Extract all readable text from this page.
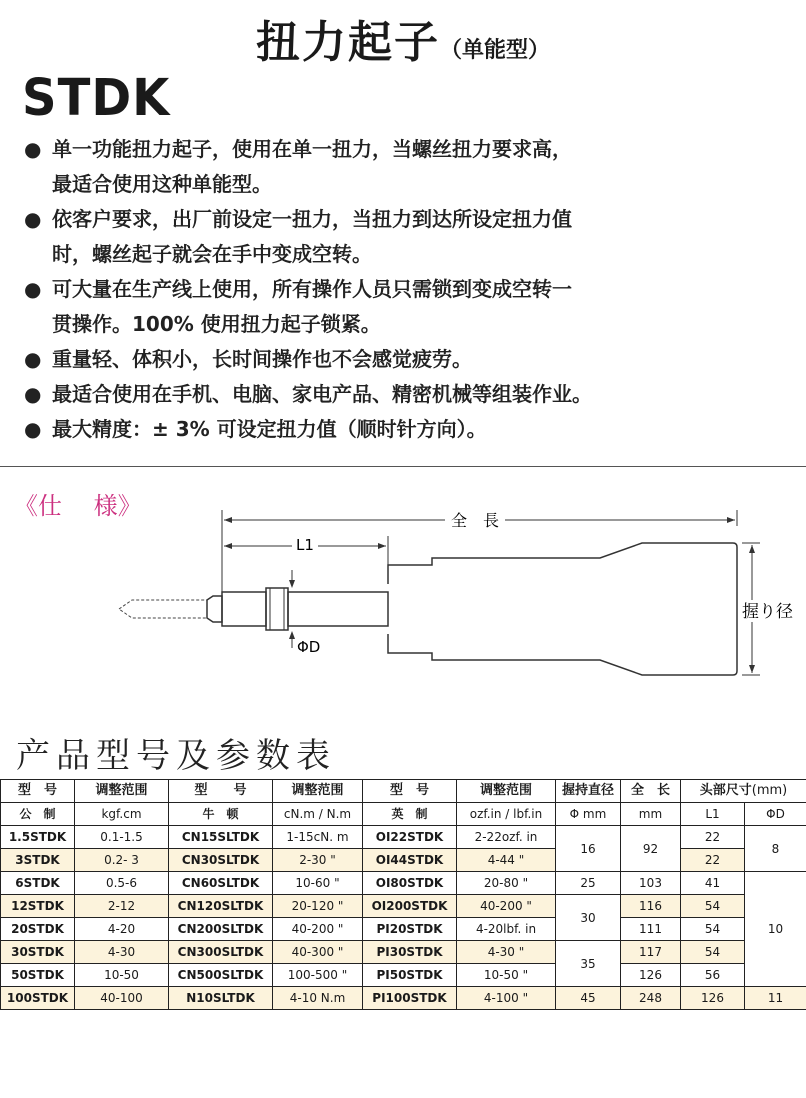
扭力起子（单能型）
STDK
● 单一功能扭力起子，使用在单一扭力，当螺丝扭力要求高，
最适合使用这种单能型。
● 依客户要求，出厂前设定一扭力，当扭力到达所设定扭力值
时，螺丝起子就会在手中变成空转。
● 可大量在生产线上使用，所有操作人员只需锁到变成空转一
贯操作。100% 使用扭力起子锁紧。
● 重量轻、体积小，长时间操作也不会感觉疲劳。
● 最适合使用在手机、电脑、家电产品、精密机械等组装作业。
● 最大精度：± 3% 可设定扭力值（顺时针方向）。
《仕　 様》
全　長
L1
ΦD
握り径
产品型号及参数表
型　号	调整范围	型　　号	调整范围	型　号	调整范围	握持直径	全　长	头部尺寸(mm)	
公　制	kgf.cm	牛　顿	cN.m / N.m	英　制	ozf.in / lbf.in	Φ mm	mm	L1	ΦD
1.5STDK	0.1-1.5	CN15SLTDK	1-15cN. m	OI22STDK	2-22ozf. in	16	92	22	8
3STDK	0.2- 3	CN30SLTDK	2-30 "	OI44STDK	4-44 "			22	
6STDK	0.5-6	CN60SLTDK	10-60 "	OI80STDK	20-80 "	25	103	41	10
12STDK	2-12	CN120SLTDK	20-120 "	OI200STDK	40-200 "	30	116	54	
20STDK	4-20	CN200SLTDK	40-200 "	PI20STDK	4-20lbf. in		111	54	
30STDK	4-30	CN300SLTDK	40-300 "	PI30STDK	4-30 "	35	117	54	
50STDK	10-50	CN500SLTDK	100-500 "	PI50STDK	10-50 "		126	56	
100STDK	40-100	N10SLTDK	4-10 N.m	PI100STDK	4-100 "	45	248	126	11
